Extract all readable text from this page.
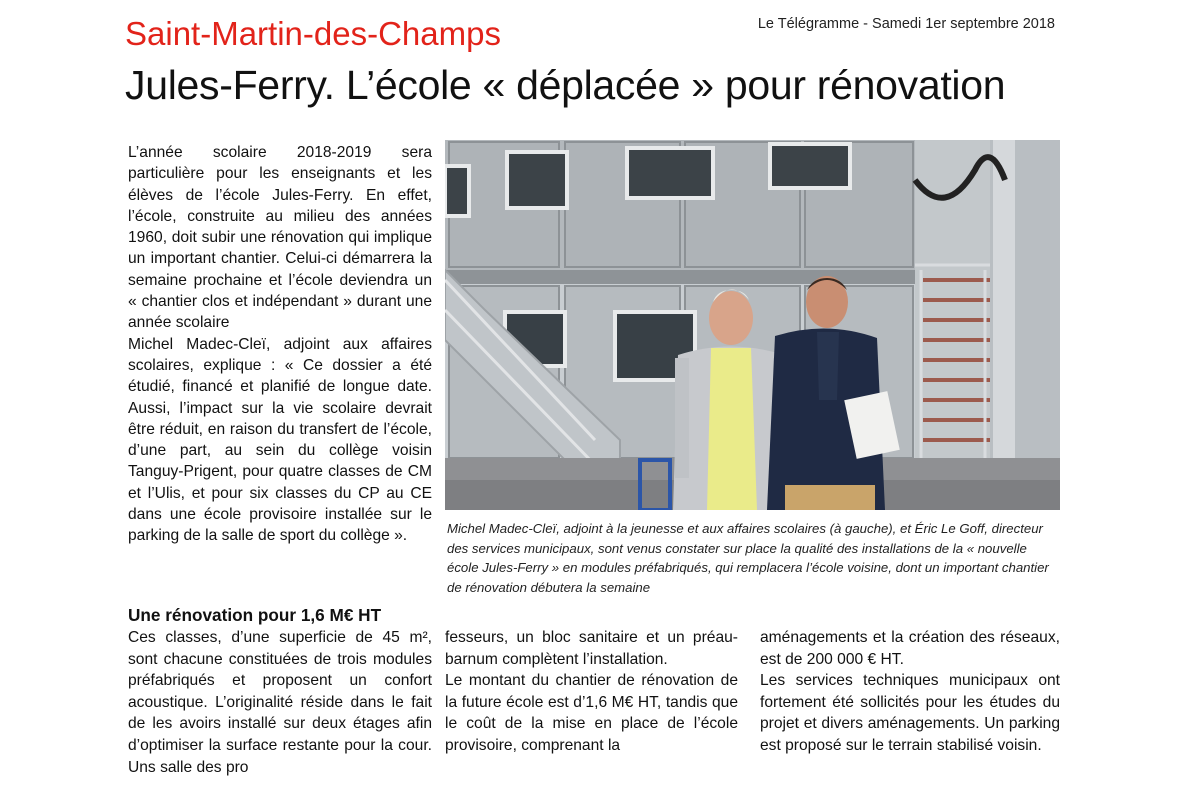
Saint-Martin-des-Champs	Le Télégramme - Samedi 1er septembre 2018
Jules-Ferry. L’école « déplacée » pour rénovation

L’année scolaire 2018-2019 sera particulière pour les enseignants et les élèves de l’école Jules-Ferry. En effet, l’école, construite au milieu des années 1960, doit subir une rénovation qui implique un important chantier. Celui-ci démarrera la semaine prochaine et l’école deviendra un « chantier clos et indépendant » durant une année scolaire

Michel Madec-Cleï, adjoint aux affaires scolaires, explique : « Ce dossier a été étudié, financé et planifié de longue date. Aussi, l’impact sur la vie scolaire devrait être réduit, en raison du transfert de l’école, d’une part, au sein du collège voisin Tanguy-Prigent, pour quatre classes de CM et l’Ulis, et pour six classes du CP au CE dans une école provisoire installée sur le parking de la salle de sport du collège ».	Michel Madec-Cleï, adjoint à la jeunesse et aux affaires scolaires (à gauche), et Éric Le Goff, directeur des services municipaux, sont venus constater sur place la qualité des installations de la « nouvelle école Jules-Ferry » en modules préfabriqués, qui remplacera l’école voisine, dont un important chantier de rénovation débutera la semaine
Une rénovation pour 1,6 M€ HT

Ces classes, d’une superficie de 45 m², sont chacune constituées de trois modules préfabriqués et proposent un confort acoustique. L’originalité réside dans le fait de les avoirs installé sur deux étages afin d’optimiser la surface restante pour la cour. Uns salle des pro

fesseurs, un bloc sanitaire et un préau-barnum complètent l’installation.

Le montant du chantier de rénovation de la future école est d’1,6 M€ HT, tandis que le coût de la mise en place de l’école provisoire, comprenant la

aménagements et la création des réseaux, est de 200 000 € HT.

Les services techniques municipaux ont fortement été sollicités pour les études du projet et divers aménagements. Un parking est proposé sur le terrain stabilisé voisin.
